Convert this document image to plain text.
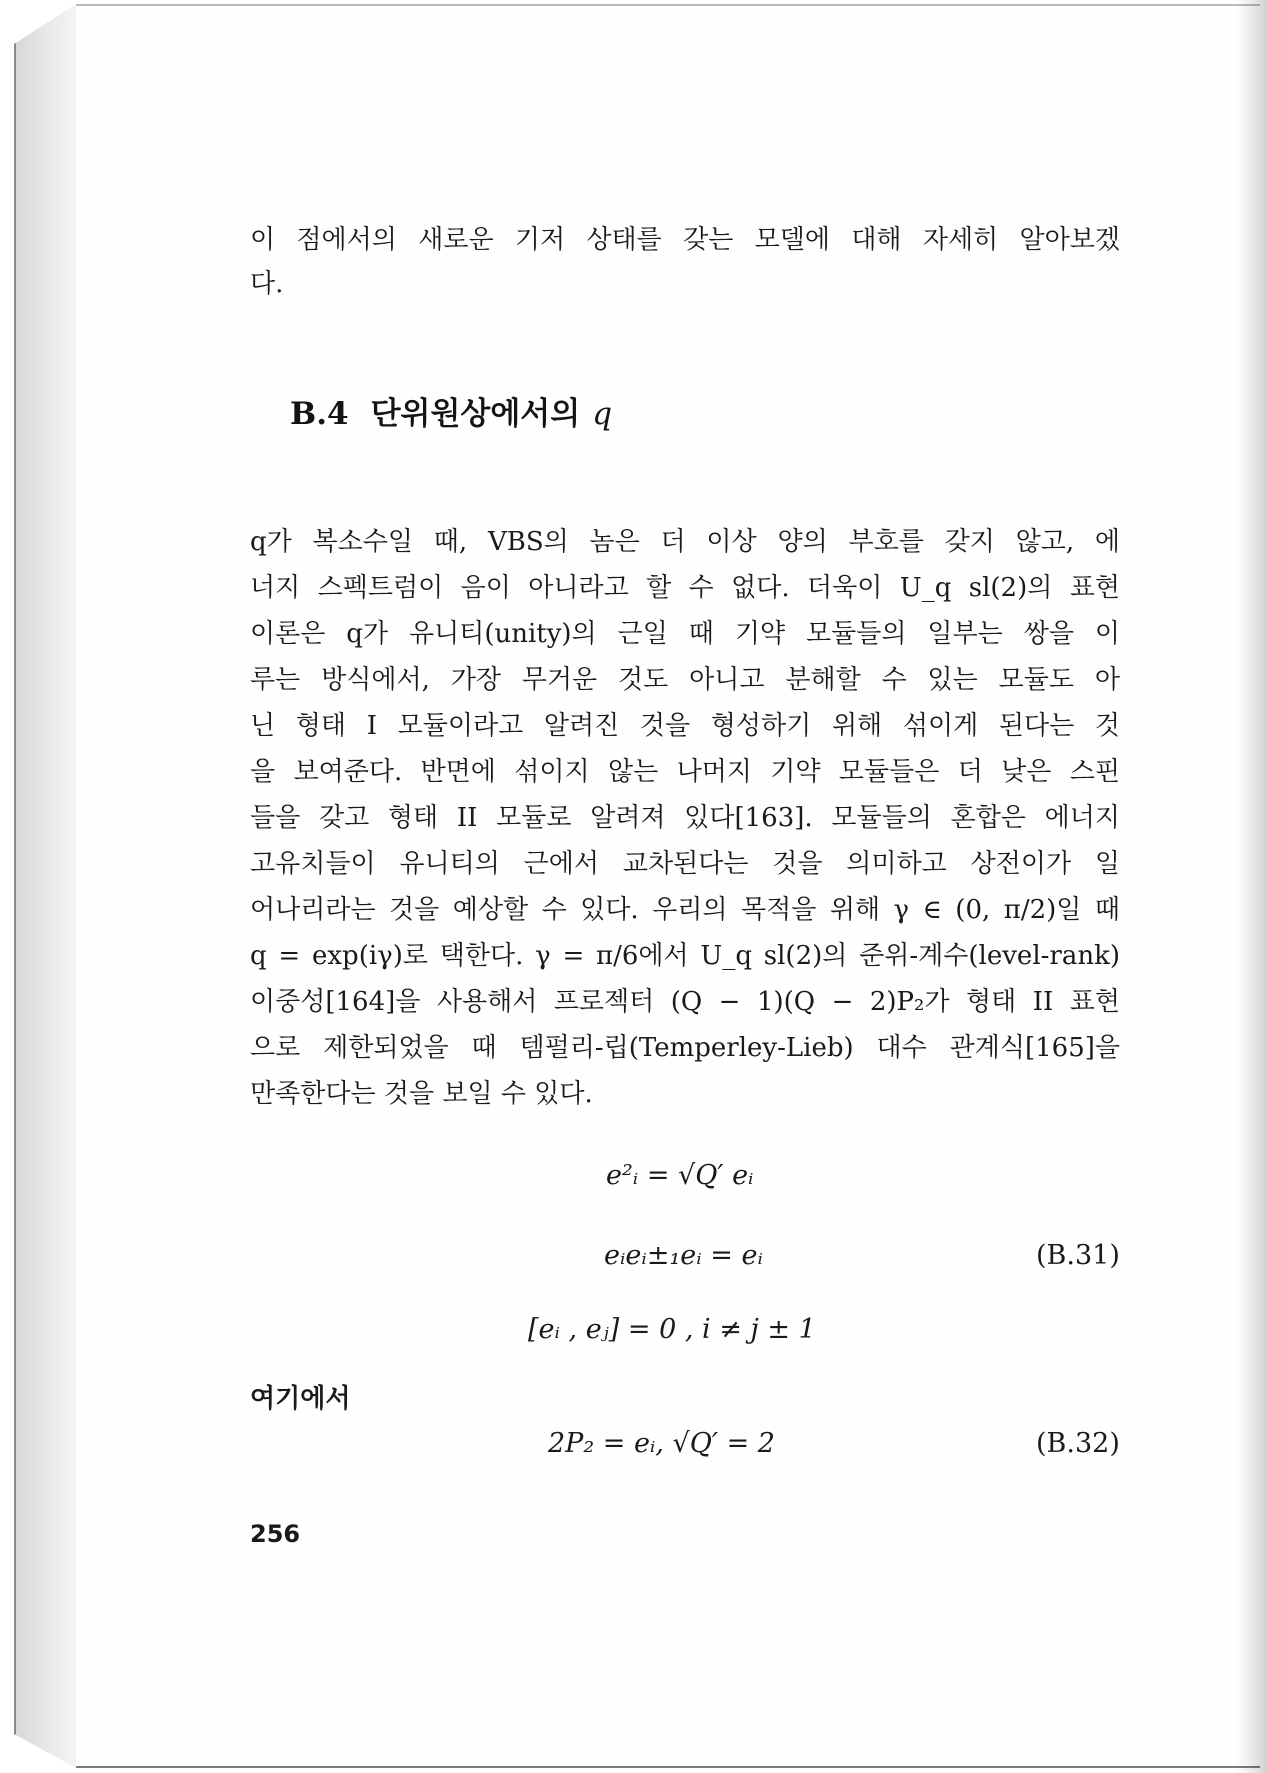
이 점에서의 새로운 기저 상태를 갖는 모델에 대해 자세히 알아보겠
다.
B.4 단위원상에서의 q
q가 복소수일 때, VBS의 놈은 더 이상 양의 부호를 갖지 않고, 에
너지 스펙트럼이 음이 아니라고 할 수 없다. 더욱이 U_q sl(2)의 표현
이론은 q가 유니티(unity)의 근일 때 기약 모듈들의 일부는 쌍을 이
루는 방식에서, 가장 무거운 것도 아니고 분해할 수 있는 모듈도 아
닌 형태 I 모듈이라고 알려진 것을 형성하기 위해 섞이게 된다는 것
을 보여준다. 반면에 섞이지 않는 나머지 기약 모듈들은 더 낮은 스핀
들을 갖고 형태 II 모듈로 알려져 있다[163]. 모듈들의 혼합은 에너지
고유치들이 유니티의 근에서 교차된다는 것을 의미하고 상전이가 일
어나리라는 것을 예상할 수 있다. 우리의 목적을 위해 γ ∈ (0, π/2)일 때
q = exp(iγ)로 택한다. γ = π/6에서 U_q sl(2)의 준위-계수(level-rank)
이중성[164]을 사용해서 프로젝터 (Q − 1)(Q − 2)P₂가 형태 II 표현
으로 제한되었을 때 템펄리-립(Temperley-Lieb) 대수 관계식[165]을
만족한다는 것을 보일 수 있다.
e²ᵢ = √Q′ eᵢ
eᵢeᵢ±₁eᵢ = eᵢ	(B.31)
[eᵢ , eⱼ] = 0 , i ≠ j ± 1
여기에서
2P₂ = eᵢ, √Q′ = 2	(B.32)
256
